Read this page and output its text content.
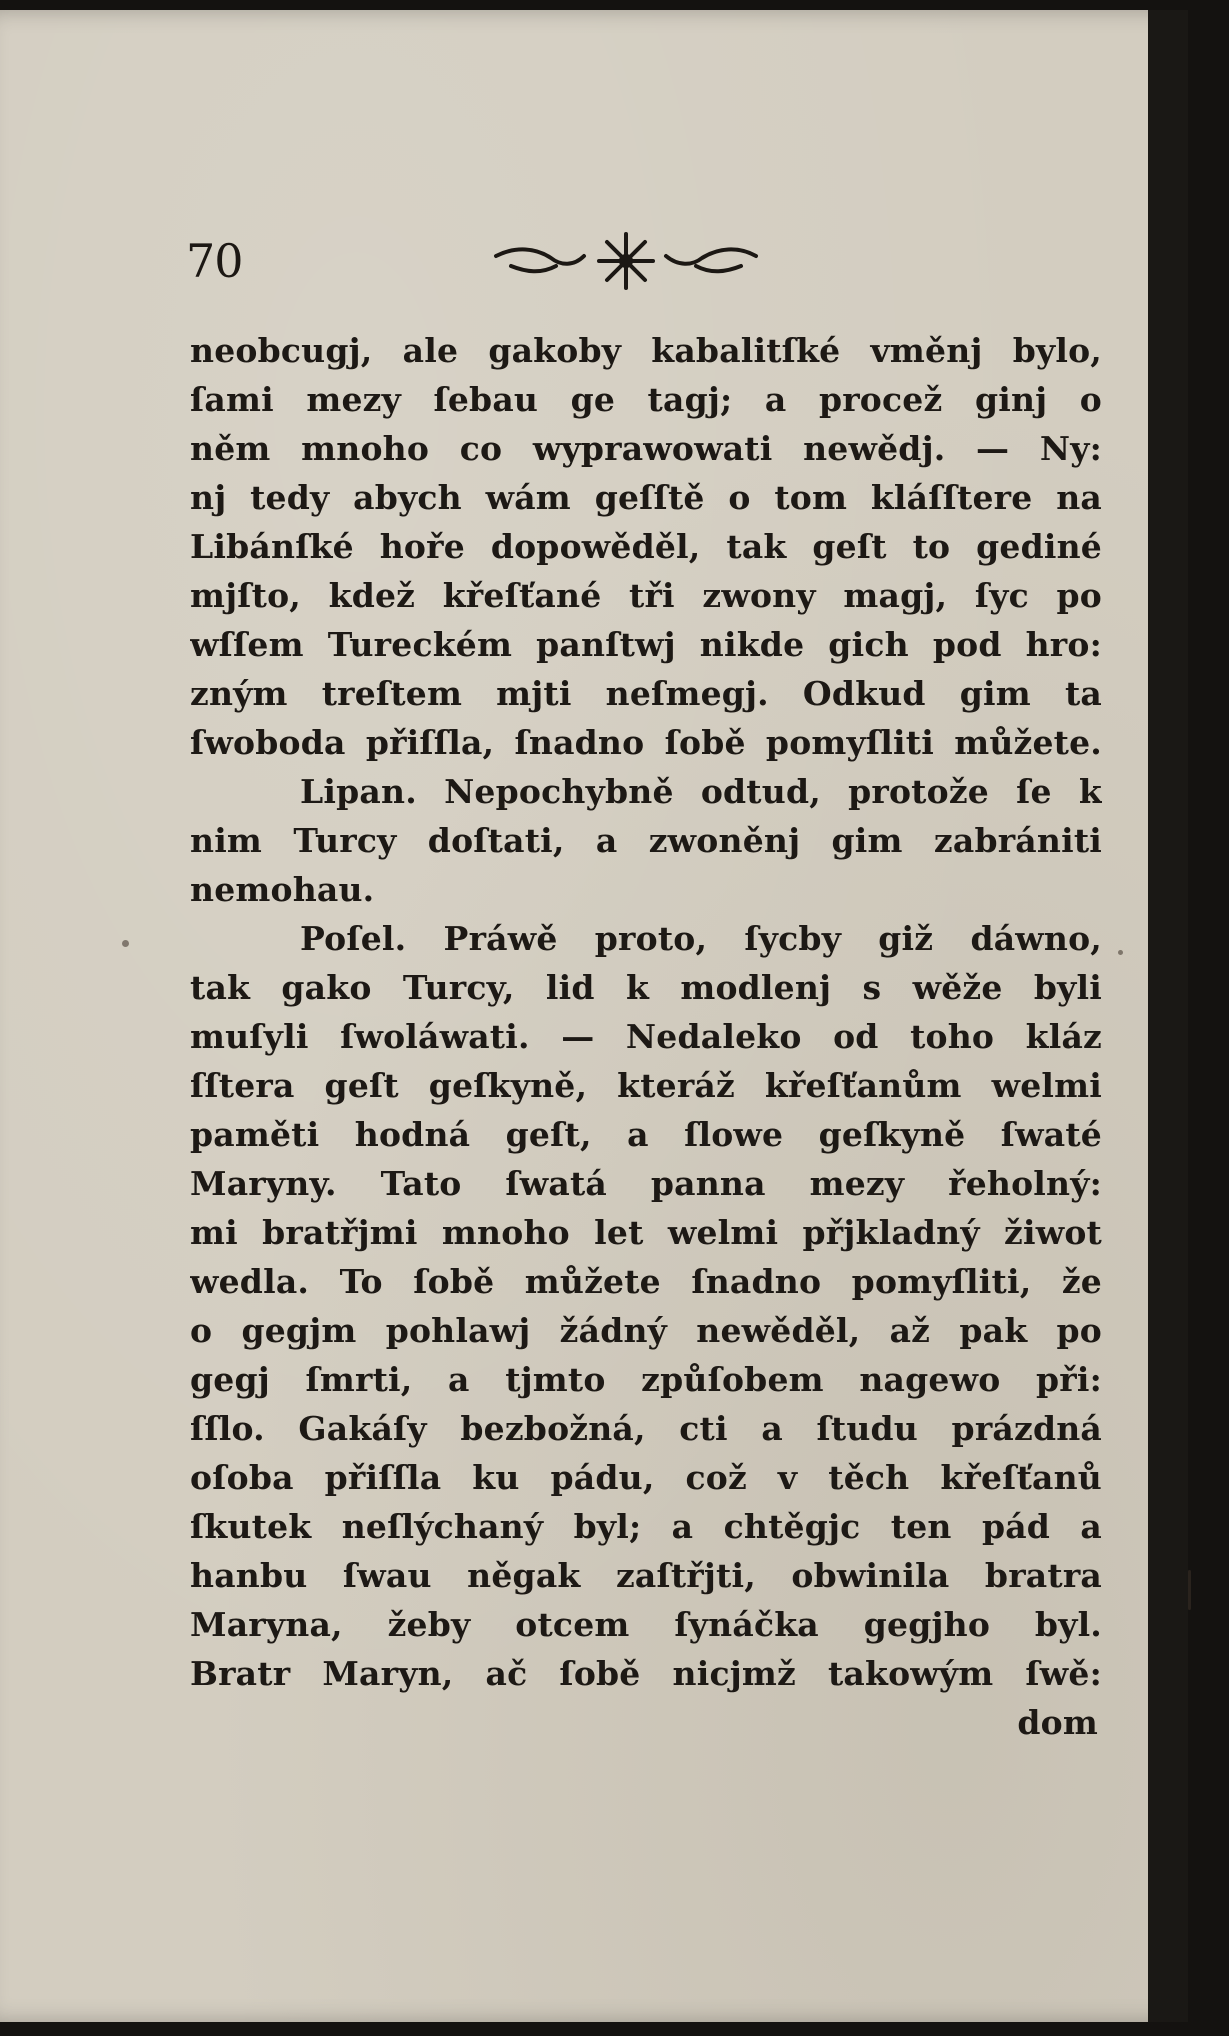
70
neobcugj, ale gakoby kabalitſké vměnj bylo,
ſami mezy ſebau ge tagj; a procež ginj o
něm mnoho co wyprawowati newědj. — Ny:
nj tedy abych wám geſſtě o tom kláſſtere na
Libánſké hoře dopowěděl, tak geſt to gediné
mjſto, kdež křeſťané tři zwony magj, ſyc po
wſſem Tureckém panſtwj nikde gich pod hro:
zným treſtem mjti neſmegj. Odkud gim ta
ſwoboda přiſſla, ſnadno ſobě pomyſliti můžete.
Lipan. Nepochybně odtud, protože ſe k
nim Turcy doſtati, a zwoněnj gim zabrániti
nemohau.
Poſel. Práwě proto, ſycby giž dáwno,
tak gako Turcy, lid k modlenj s wěže byli
muſyli ſwoláwati. — Nedaleko od toho kláz
ſſtera geſt geſkyně, kteráž křeſťanům welmi
paměti hodná geſt, a ſlowe geſkyně ſwaté
Maryny. Tato ſwatá panna mezy řeholný:
mi bratřjmi mnoho let welmi přjkladný žiwot
wedla. To ſobě můžete ſnadno pomyſliti, že
o gegjm pohlawj žádný newěděl, až pak po
gegj ſmrti, a tjmto způſobem nagewo při:
ſſlo. Gakáſy bezbožná, cti a ſtudu prázdná
oſoba přiſſla ku pádu, což v těch křeſťanů
ſkutek neſlýchaný byl; a chtěgjc ten pád a
hanbu ſwau něgak zaſtřjti, obwinila bratra
Maryna, žeby otcem ſynáčka gegjho byl.
Bratr Maryn, ač ſobě nicjmž takowým ſwě:
dom
